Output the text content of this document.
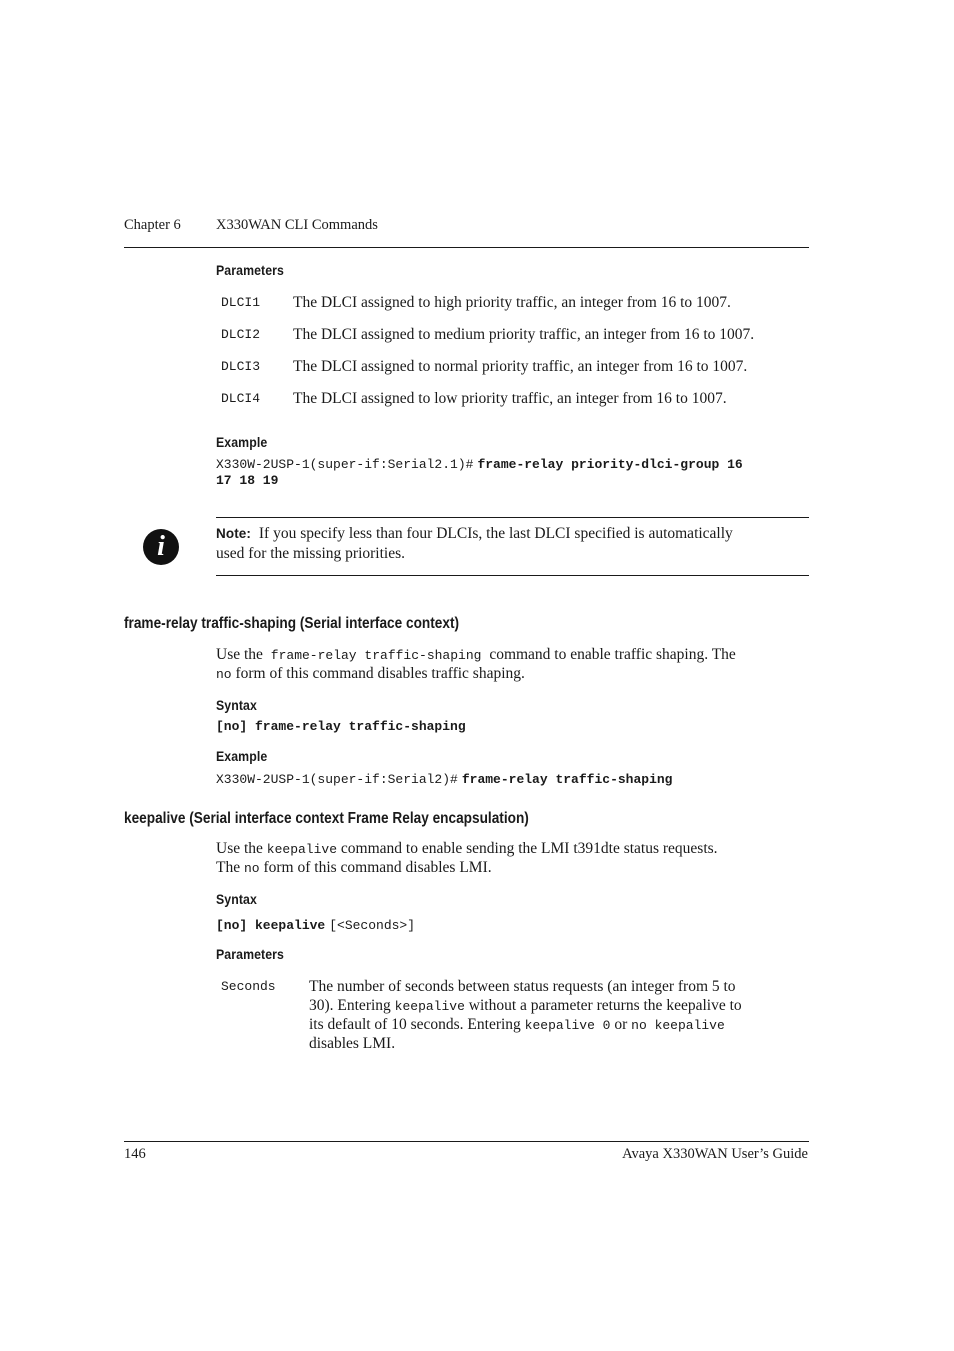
Chapter 6 X330WAN CLI Commands
Parameters
DLCI1 The DLCI assigned to high priority traffic, an integer from 16 to 1007.
DLCI2 The DLCI assigned to medium priority traffic, an integer from 16 to 1007.
DLCI3 The DLCI assigned to normal priority traffic, an integer from 16 to 1007.
DLCI4 The DLCI assigned to low priority traffic, an integer from 16 to 1007.
Example
X330W-2USP-1(super-if:Serial2.1)# frame-relay priority-dlci-group 16
17 18 19
i	Note: If you specify less than four DLCIs, the last DLCI specified is automatically
used for the missing priorities.
frame-relay traffic-shaping (Serial interface context)
Use the frame-relay traffic-shaping command to enable traffic shaping. The
no form of this command disables traffic shaping.
Syntax
[no] frame-relay traffic-shaping
Example
X330W-2USP-1(super-if:Serial2)# frame-relay traffic-shaping
keepalive (Serial interface context Frame Relay encapsulation)
Use the keepalive command to enable sending the LMI t391dte status requests.
The no form of this command disables LMI.
Syntax
[no] keepalive [<Seconds>]
Parameters
Seconds The number of seconds between status requests (an integer from 5 to
30). Entering keepalive without a parameter returns the keepalive to
its default of 10 seconds. Entering keepalive 0 or no keepalive
disables LMI.
146	Avaya X330WAN User’s Guide
